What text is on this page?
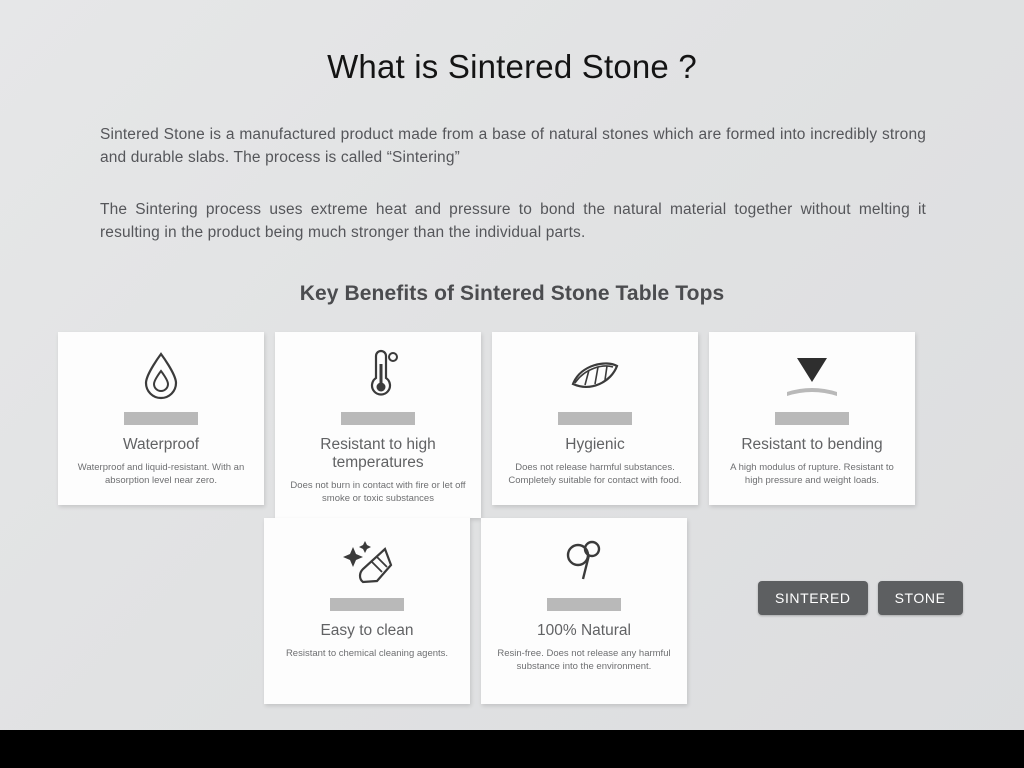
What is Sintered Stone ?
Sintered Stone is a manufactured product made from a base of natural stones which are formed into incredibly strong and durable slabs. The process is called “Sintering”
The Sintering process uses extreme heat and pressure to bond the natural material together without melting it resulting in the product being much stronger than the individual parts.
Key Benefits of Sintered Stone Table Tops
Waterproof
Waterproof and liquid-resistant. With an absorption level near zero.
Resistant to high temperatures
Does not burn in contact with fire or let off smoke or toxic substances
Hygienic
Does not release harmful substances. Completely suitable for contact with food.
Resistant to bending
A high modulus of rupture. Resistant to high pressure and weight loads.
Easy to clean
Resistant to chemical cleaning agents.
100% Natural
Resin-free. Does not release any harmful substance into the environment.
SINTERED	STONE
